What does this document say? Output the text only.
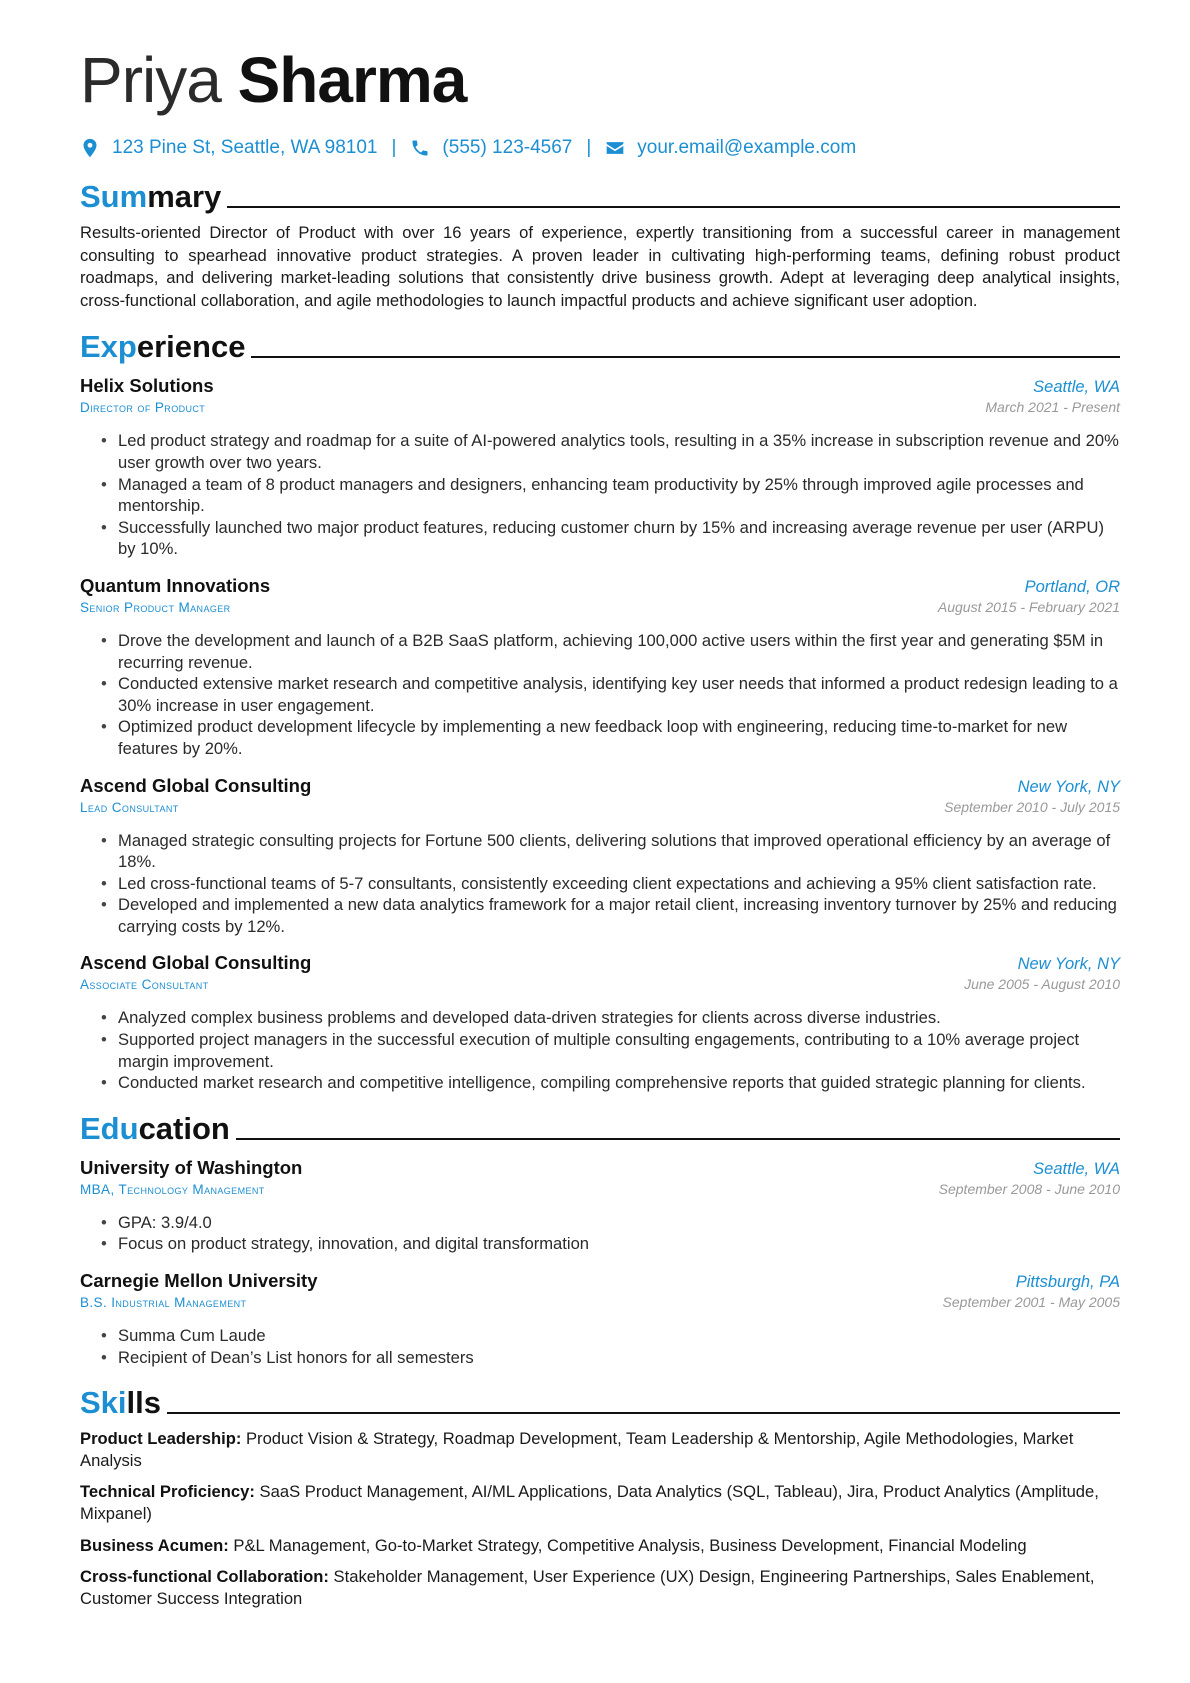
Priya Sharma
123 Pine St, Seattle, WA 98101 | (555) 123-4567 | your.email@example.com
Summary
Results-oriented Director of Product with over 16 years of experience, expertly transitioning from a successful career in management consulting to spearhead innovative product strategies. A proven leader in cultivating high-performing teams, defining robust product roadmaps, and delivering market-leading solutions that consistently drive business growth. Adept at leveraging deep analytical insights, cross-functional collaboration, and agile methodologies to launch impactful products and achieve significant user adoption.
Experience
Helix Solutions	Seattle, WA
Director of Product	March 2021 - Present
• Led product strategy and roadmap for a suite of AI-powered analytics tools, resulting in a 35% increase in subscription revenue and 20% user growth over two years.
• Managed a team of 8 product managers and designers, enhancing team productivity by 25% through improved agile processes and mentorship.
• Successfully launched two major product features, reducing customer churn by 15% and increasing average revenue per user (ARPU) by 10%.
Quantum Innovations	Portland, OR
Senior Product Manager	August 2015 - February 2021
• Drove the development and launch of a B2B SaaS platform, achieving 100,000 active users within the first year and generating $5M in recurring revenue.
• Conducted extensive market research and competitive analysis, identifying key user needs that informed a product redesign leading to a 30% increase in user engagement.
• Optimized product development lifecycle by implementing a new feedback loop with engineering, reducing time-to-market for new features by 20%.
Ascend Global Consulting	New York, NY
Lead Consultant	September 2010 - July 2015
• Managed strategic consulting projects for Fortune 500 clients, delivering solutions that improved operational efficiency by an average of 18%.
• Led cross-functional teams of 5-7 consultants, consistently exceeding client expectations and achieving a 95% client satisfaction rate.
• Developed and implemented a new data analytics framework for a major retail client, increasing inventory turnover by 25% and reducing carrying costs by 12%.
Ascend Global Consulting	New York, NY
Associate Consultant	June 2005 - August 2010
• Analyzed complex business problems and developed data-driven strategies for clients across diverse industries.
• Supported project managers in the successful execution of multiple consulting engagements, contributing to a 10% average project margin improvement.
• Conducted market research and competitive intelligence, compiling comprehensive reports that guided strategic planning for clients.
Education
University of Washington	Seattle, WA
MBA, Technology Management	September 2008 - June 2010
• GPA: 3.9/4.0
• Focus on product strategy, innovation, and digital transformation
Carnegie Mellon University	Pittsburgh, PA
B.S. Industrial Management	September 2001 - May 2005
• Summa Cum Laude
• Recipient of Dean’s List honors for all semesters
Skills
Product Leadership: Product Vision & Strategy, Roadmap Development, Team Leadership & Mentorship, Agile Methodologies, Market Analysis
Technical Proficiency: SaaS Product Management, AI/ML Applications, Data Analytics (SQL, Tableau), Jira, Product Analytics (Amplitude, Mixpanel)
Business Acumen: P&L Management, Go-to-Market Strategy, Competitive Analysis, Business Development, Financial Modeling
Cross-functional Collaboration: Stakeholder Management, User Experience (UX) Design, Engineering Partnerships, Sales Enablement, Customer Success Integration
